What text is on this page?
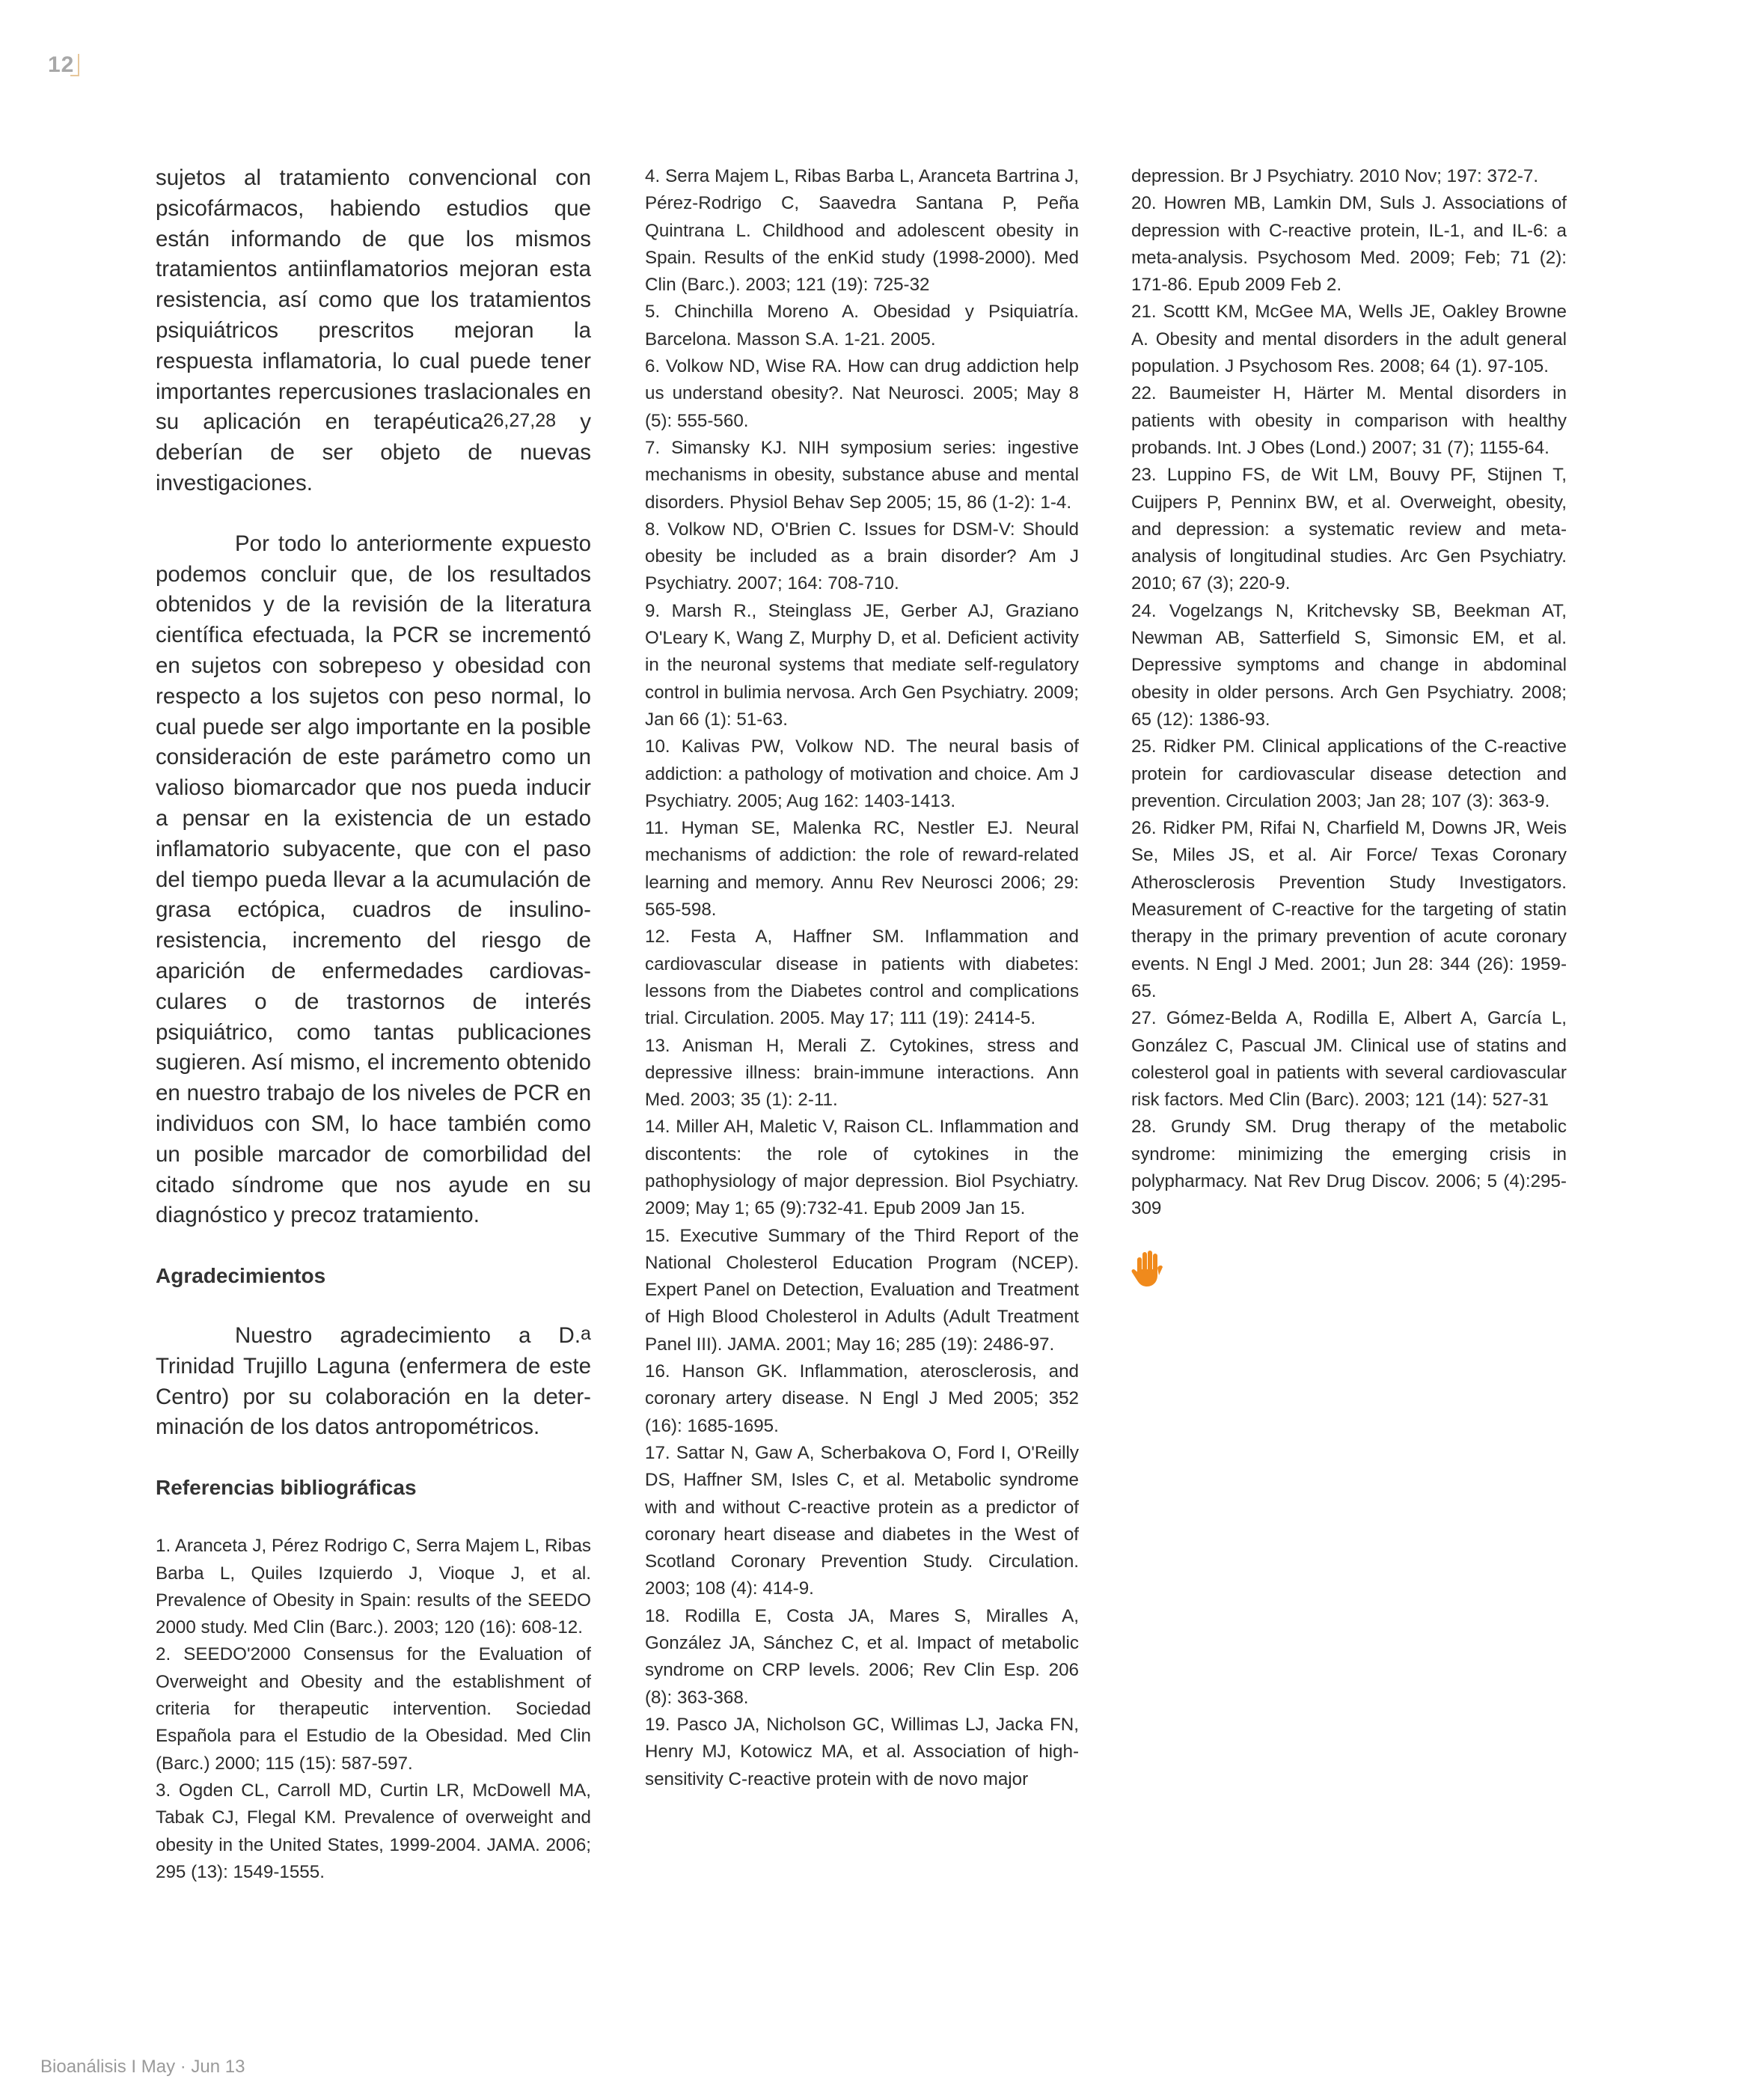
12

sujetos al tratamiento convencional con psicofármacos, habiendo estudios que están informando de que los mismos tratamientos antiinflamatorios mejoran esta resistencia, así como que los tratamientos psiquiátricos prescritos mejoran la respuesta inflamatoria, lo cual puede tener importantes repercusiones traslacionales en su aplicación en terapéutica$^{26,27,28}$ y deberían de ser objeto de nuevas investigaciones.

Por todo lo anteriormente expuesto podemos concluir que, de los resultados obtenidos y de la revisión de la literatura científica efectuada, la PCR se incrementó en sujetos con sobrepeso y obesidad con respecto a los sujetos con peso normal, lo cual puede ser algo importante en la posible consideración de este parámetro como un valioso biomarcador que nos pueda inducir a pensar en la existencia de un estado inflamatorio subyacente, que con el paso del tiempo pueda llevar a la acumulación de grasa ectópica, cuadros de insulino-resistencia, incremento del riesgo de aparición de enfermedades cardiovas-culares o de trastornos de interés psiquiátrico, como tantas publicaciones sugieren. Así mismo, el incremento obtenido en nuestro trabajo de los niveles de PCR en individuos con SM, lo hace también como un posible marcador de comorbilidad del citado síndrome que nos ayude en su diagnóstico y precoz tratamiento.

Agradecimientos

Nuestro agradecimiento a D.$^a$ Trinidad Trujillo Laguna (enfermera de este Centro) por su colaboración en la deter-minación de los datos antropométricos.

Referencias bibliográficas

1. Aranceta J, Pérez Rodrigo C, Serra Majem L, Ribas Barba L, Quiles Izquierdo J, Vioque J, et al. Prevalence of Obesity in Spain: results of the SEEDO 2000 study. Med Clin (Barc.). 2003; 120 (16): 608-12.

2. SEEDO'2000 Consensus for the Evaluation of Overweight and Obesity and the establishment of criteria for therapeutic intervention. Sociedad Española para el Estudio de la Obesidad. Med Clin (Barc.) 2000; 115 (15): 587-597.

3. Ogden CL, Carroll MD, Curtin LR, McDowell MA, Tabak CJ, Flegal KM. Prevalence of overweight and obesity in the United States, 1999-2004. JAMA. 2006; 295 (13): 1549-1555.

4. Serra Majem L, Ribas Barba L, Aranceta Bartrina J, Pérez-Rodrigo C, Saavedra Santana P, Peña Quintrana L. Childhood and adolescent obesity in Spain. Results of the enKid study (1998-2000). Med Clin (Barc.). 2003; 121 (19): 725-32

5. Chinchilla Moreno A. Obesidad y Psiquiatría. Barcelona. Masson S.A. 1-21. 2005.

6. Volkow ND, Wise RA. How can drug addiction help us understand obesity?. Nat Neurosci. 2005; May 8 (5): 555-560.

7. Simansky KJ. NIH symposium series: ingestive mechanisms in obesity, substance abuse and mental disorders. Physiol Behav Sep 2005; 15, 86 (1-2): 1-4.

8. Volkow ND, O'Brien C. Issues for DSM-V: Should obesity be included as a brain disorder? Am J Psychiatry. 2007; 164: 708-710.

9. Marsh R., Steinglass JE, Gerber AJ, Graziano O'Leary K, Wang Z, Murphy D, et al. Deficient activity in the neuronal systems that mediate self-regulatory control in bulimia nervosa. Arch Gen Psychiatry. 2009; Jan 66 (1): 51-63.

10. Kalivas PW, Volkow ND. The neural basis of addiction: a pathology of motivation and choice. Am J Psychiatry. 2005; Aug 162: 1403-1413.

11. Hyman SE, Malenka RC, Nestler EJ. Neural mechanisms of addiction: the role of reward-related learning and memory. Annu Rev Neurosci 2006; 29: 565-598.

12. Festa A, Haffner SM. Inflammation and cardiovascular disease in patients with diabetes: lessons from the Diabetes control and complications trial. Circulation. 2005. May 17; 111 (19): 2414-5.

13. Anisman H, Merali Z. Cytokines, stress and depressive illness: brain-immune interactions. Ann Med. 2003; 35 (1): 2-11.

14. Miller AH, Maletic V, Raison CL. Inflammation and discontents: the role of cytokines in the pathophysiology of major depression. Biol Psychiatry. 2009; May 1; 65 (9):732-41. Epub 2009 Jan 15.

15. Executive Summary of the Third Report of the National Cholesterol Education Program (NCEP). Expert Panel on Detection, Evaluation and Treatment of High Blood Cholesterol in Adults (Adult Treatment Panel III). JAMA. 2001; May 16; 285 (19): 2486-97.

16. Hanson GK. Inflammation, aterosclerosis, and coronary artery disease. N Engl J Med 2005; 352 (16): 1685-1695.

17. Sattar N, Gaw A, Scherbakova O, Ford I, O'Reilly DS, Haffner SM, Isles C, et al. Metabolic syndrome with and without C-reactive protein as a predictor of coronary heart disease and diabetes in the West of Scotland Coronary Prevention Study. Circulation. 2003; 108 (4): 414-9.

18. Rodilla E, Costa JA, Mares S, Miralles A, González JA, Sánchez C, et al. Impact of metabolic syndrome on CRP levels. 2006; Rev Clin Esp. 206 (8): 363-368.

19. Pasco JA, Nicholson GC, Willimas LJ, Jacka FN, Henry MJ, Kotowicz MA, et al. Association of high-sensitivity C-reactive protein with de novo major

depression. Br J Psychiatry. 2010 Nov; 197: 372-7.

20. Howren MB, Lamkin DM, Suls J. Associations of depression with C-reactive protein, IL-1, and IL-6: a meta-analysis. Psychosom Med. 2009; Feb; 71 (2): 171-86. Epub 2009 Feb 2.

21. Scottt KM, McGee MA, Wells JE, Oakley Browne A. Obesity and mental disorders in the adult general population. J Psychosom Res. 2008; 64 (1). 97-105.

22. Baumeister H, Härter M. Mental disorders in patients with obesity in comparison with healthy probands. Int. J Obes (Lond.) 2007; 31 (7); 1155-64.

23. Luppino FS, de Wit LM, Bouvy PF, Stijnen T, Cuijpers P, Penninx BW, et al. Overweight, obesity, and depression: a systematic review and meta-analysis of longitudinal studies. Arc Gen Psychiatry. 2010; 67 (3); 220-9.

24. Vogelzangs N, Kritchevsky SB, Beekman AT, Newman AB, Satterfield S, Simonsic EM, et al. Depressive symptoms and change in abdominal obesity in older persons. Arch Gen Psychiatry. 2008; 65 (12): 1386-93.

25. Ridker PM. Clinical applications of the C-reactive protein for cardiovascular disease detection and prevention. Circulation 2003; Jan 28; 107 (3): 363-9.

26. Ridker PM, Rifai N, Charfield M, Downs JR, Weis Se, Miles JS, et al. Air Force/ Texas Coronary Atherosclerosis Prevention Study Investigators. Measurement of C-reactive for the targeting of statin therapy in the primary prevention of acute coronary events. N Engl J Med. 2001; Jun 28: 344 (26): 1959-65.

27. Gómez-Belda A, Rodilla E, Albert A, García L, González C, Pascual JM. Clinical use of statins and colesterol goal in patients with several cardiovascular risk factors. Med Clin (Barc). 2003; 121 (14): 527-31

28. Grundy SM. Drug therapy of the metabolic syndrome: minimizing the emerging crisis in polypharmacy. Nat Rev Drug Discov. 2006; 5 (4):295-309

Bioanálisis I May · Jun 13
